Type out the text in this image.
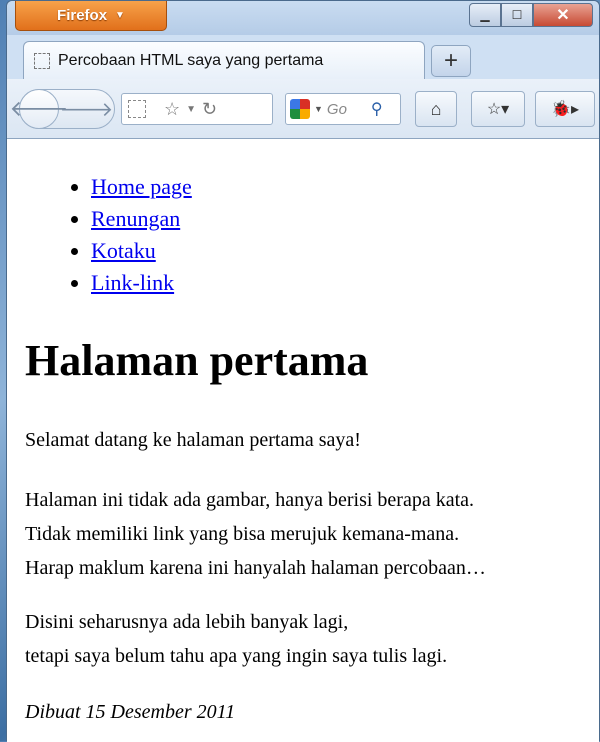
Firefox ▼	▁	☐	✕
Percobaan HTML saya yang pertama	+
🡐
🡒	☆ ▼ ↻	▼
Go	⚲	⌂	☆▾	🐞▸
• Home page
• Renungan
• Kotaku
• Link-link
Halaman pertama

Selamat datang ke halaman pertama saya!

Halaman ini tidak ada gambar, hanya berisi berapa kata.
Tidak memiliki link yang bisa merujuk kemana-mana.
Harap maklum karena ini hanyalah halaman percobaan…

Disini seharusnya ada lebih banyak lagi,
tetapi saya belum tahu apa yang ingin saya tulis lagi.

Dibuat 15 Desember 2011
